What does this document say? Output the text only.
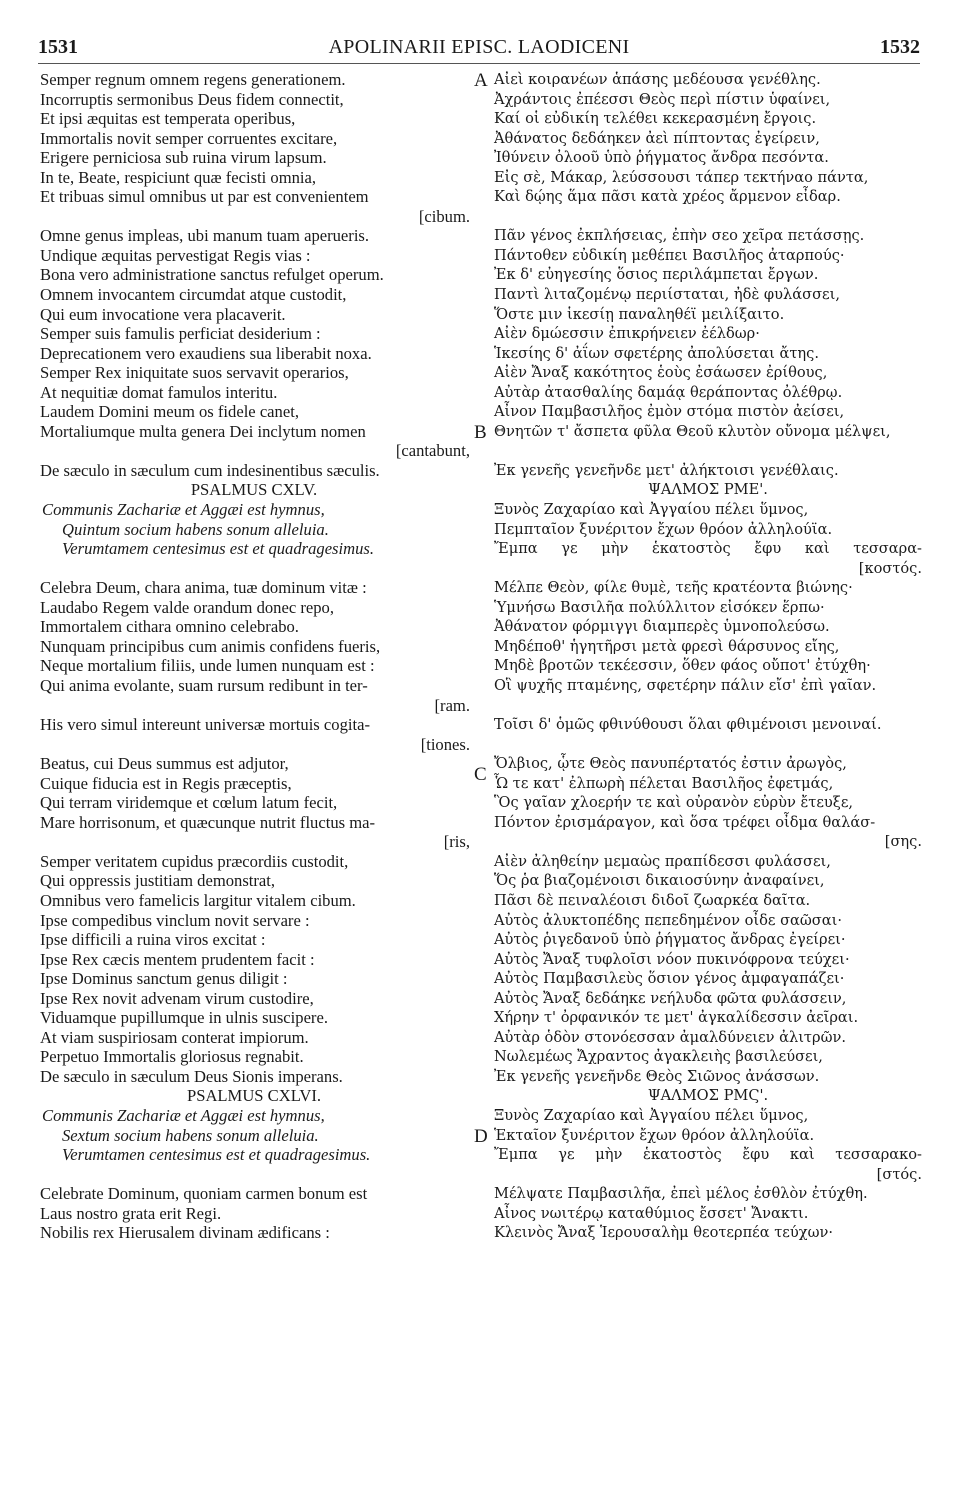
1531	APOLINARII EPISC. LAODICENI	1532
Semper regnum omnem regens generationem.
Incorruptis sermonibus Deus fidem connectit,
Et ipsi æquitas est temperata operibus,
Immortalis novit semper corruentes excitare,
Erigere perniciosa sub ruina virum lapsum.
In te, Beate, respiciunt quæ fecisti omnia,
Et tribuas simul omnibus ut par est convenientem
[cibum.
Omne genus impleas, ubi manum tuam aperueris.
Undique æquitas pervestigat Regis vias :
Bona vero administratione sanctus refulget operum.
Omnem invocantem circumdat atque custodit,
Qui eum invocatione vera placaverit.
Semper suis famulis perficiat desiderium :
Deprecationem vero exaudiens sua liberabit noxa.
Semper Rex iniquitate suos servavit operarios,
At nequitiæ domat famulos interitu.
Laudem Domini meum os fidele canet,
Mortaliumque multa genera Dei inclytum nomen
[cantabunt,
De sæculo in sæculum cum indesinentibus sæculis.
PSALMUS CXLV.
Communis Zachariæ et Aggæi est hymnus,
Quintum socium habens sonum alleluia.
Verumtamem centesimus est et quadragesimus.
Celebra Deum, chara anima, tuæ dominum vitæ :
Laudabo Regem valde orandum donec repo,
Immortalem cithara omnino celebrabo.
Nunquam principibus cum animis confidens fueris,
Neque mortalium filiis, unde lumen nunquam est :
Qui anima evolante, suam rursum redibunt in ter-
[ram.
His vero simul intereunt universæ mortuis cogita-
[tiones.
Beatus, cui Deus summus est adjutor,
Cuique fiducia est in Regis præceptis,
Qui terram viridemque et cœlum latum fecit,
Mare horrisonum, et quæcunque nutrit fluctus ma-
[ris,
Semper veritatem cupidus præcordiis custodit,
Qui oppressis justitiam demonstrat,
Omnibus vero famelicis largitur vitalem cibum.
Ipse compedibus vinclum novit servare :
Ipse difficili a ruina viros excitat :
Ipse Rex cæcis mentem prudentem facit :
Ipse Dominus sanctum genus diligit :
Ipse Rex novit advenam virum custodire,
Viduamque pupillumque in ulnis suscipere.
At viam suspiriosam conterat impiorum.
Perpetuo Immortalis gloriosus regnabit.
De sæculo in sæculum Deus Sionis imperans.
PSALMUS CXLVI.
Communis Zachariæ et Aggæi est hymnus,
Sextum socium habens sonum alleluia.
Verumtamen centesimus est et quadragesimus.
Celebrate Dominum, quoniam carmen bonum est
Laus nostro grata erit Regi.
Nobilis rex Hierusalem divinam ædificans :
Αἰεὶ κοιρανέων ἁπάσης μεδέουσα γενέθλης.
Ἀχράντοις ἐπέεσσι Θεὸς περὶ πίστιν ὑφαίνει,
Καί οἱ εὐδικίη τελέθει κεκερασμένη ἔργοις.
Ἀθάνατος δεδάηκεν ἀεὶ πίπτοντας ἐγείρειν,
Ἰθύνειν ὀλοοῦ ὑπὸ ῥήγματος ἄνδρα πεσόντα.
Εἰς σὲ, Μάκαρ, λεύσσουσι τάπερ τεκτήναο πάντα,
Καὶ δῴης ἅμα πᾶσι κατὰ χρέος ἄρμενον εἶδαρ.
Πᾶν γένος ἐκπλήσειας, ἐπὴν σεο χεῖρα πετάσσῃς.
Πάντοθεν εὐδικίη μεθέπει Βασιλῆος ἀταρπούς·
Ἐκ δ' εὐηγεσίης ὅσιος περιλάμπεται ἔργων.
Παντὶ λιταζομένῳ περιίσταται, ἠδὲ φυλάσσει,
Ὅστε μιν ἱκεσίῃ παναληθέϊ μειλίξαιτο.
Αἰὲν δμώεσσιν ἐπικρήνειεν ἐέλδωρ·
Ἱκεσίης δ' ἀΐων σφετέρης ἀπολύσεται ἄτης.
Αἰὲν Ἄναξ κακότητος ἑοὺς ἐσάωσεν ἐρίθους,
Αὐτὰρ ἀτασθαλίης δαμάᾳ θεράποντας ὀλέθρῳ.
Αἶνον Παμβασιλῆος ἐμὸν στόμα πιστὸν ἀείσει,
Θνητῶν τ' ἄσπετα φῦλα Θεοῦ κλυτὸν οὔνομα μέλψει,
Ἐκ γενεῆς γενεῆνδε μετ' ἀλήκτοισι γενέθλαις.
ΨΑΛΜΟΣ ΡΜΕ'.
Ξυνὸς Ζαχαρίαο καὶ Ἀγγαίου πέλει ὕμνος,
Πεμπταῖον ξυνέριτον ἔχων θρόον ἀλληλούϊα.
Ἔμπα γε μὴν ἑκατοστὸς ἔφυ καὶ τεσσαρα-
[κοστός.
Μέλπε Θεὸν, φίλε θυμὲ, τεῆς κρατέοντα βιώνης·
Ὑμνήσω Βασιλῆα πολύλλιτον εἰσόκεν ἕρπω·
Ἀθάνατον φόρμιγγι διαμπερὲς ὑμνοπολεύσω.
Μηδέποθ' ἡγητῆρσι μετὰ φρεσὶ θάρσυνος εἴης,
Μηδὲ βροτῶν τεκέεσσιν, ὅθεν φάος οὔποτ' ἐτύχθη·
Οἳ ψυχῆς πταμένης, σφετέρην πάλιν εἴσ' ἐπὶ γαῖαν.
Τοῖσι δ' ὁμῶς φθινύθουσι ὅλαι φθιμένοισι μενοιναί.
Ὄλβιος, ᾧτε Θεὸς πανυπέρτατός ἐστιν ἀρωγὸς,
Ὧ τε κατ' ἐλπωρὴ πέλεται Βασιλῆος ἐφετμάς,
Ὃς γαῖαν χλοερήν τε καὶ οὐρανὸν εὐρὺν ἔτευξε,
Πόντον ἐρισμάραγον, καὶ ὅσα τρέφει οἶδμα θαλάσ-
[σης.
Αἰὲν ἀληθείην μεμαὼς πραπίδεσσι φυλάσσει,
Ὅς ῥα βιαζομένοισι δικαιοσύνην ἀναφαίνει,
Πᾶσι δὲ πειναλέοισι διδοῖ ζωαρκέα δαῖτα.
Αὐτὸς ἀλυκτοπέδης πεπεδημένον οἶδε σαῶσαι·
Αὐτὸς ῥιγεδανοῦ ὑπὸ ῥήγματος ἄνδρας ἐγείρει·
Αὐτὸς Ἄναξ τυφλοῖσι νόον πυκινόφρονα τεύχει·
Αὐτὸς Παμβασιλεὺς ὅσιον γένος ἀμφαγαπάζει·
Αὐτὸς Ἄναξ δεδάηκε νεήλυδα φῶτα φυλάσσειν,
Χήρην τ' ὀρφανικόν τε μετ' ἀγκαλίδεσσιν ἀεῖραι.
Αὐτὰρ ὁδὸν στονόεσσαν ἀμαλδύνειεν ἀλιτρῶν.
Νωλεμέως Ἄχραντος ἀγακλειὴς βασιλεύσει,
Ἐκ γενεῆς γενεῆνδε Θεὸς Σιῶνος ἀνάσσων.
ΨΑΛΜΟΣ ΡΜϚ'.
Ξυνὸς Ζαχαρίαο καὶ Ἀγγαίου πέλει ὕμνος,
Ἑκταῖον ξυνέριτον ἔχων θρόον ἀλληλούϊα.
Ἔμπα γε μὴν ἑκατοστὸς ἔφυ καὶ τεσσαρακο-
[στός.
Μέλψατε Παμβασιλῆα, ἐπεὶ μέλος ἐσθλὸν ἐτύχθη.
Αἶνος νωιτέρῳ καταθύμιος ἔσσετ' Ἄνακτι.
Κλεινὸς Ἄναξ Ἱερουσαλὴμ θεοτερπέα τεύχων·
A
B
C
D
